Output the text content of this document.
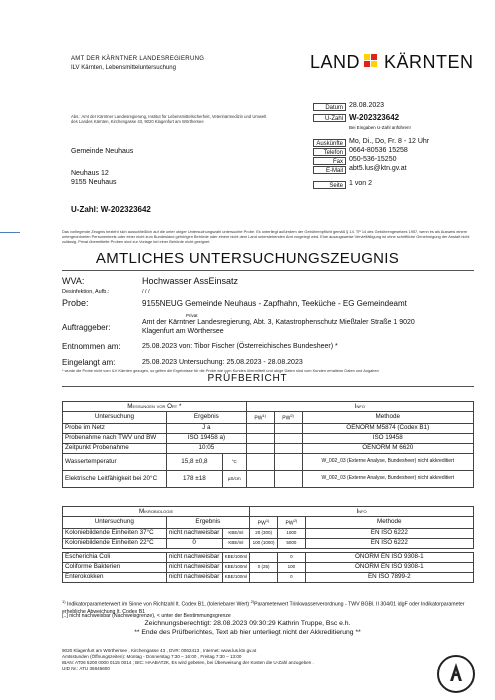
AMT DER KÄRNTNER LANDESREGIERUNG
ILV Kärnten, Lebensmitteluntersuchung	LAND KÄRNTEN
Abs.: Amt der Kärntner Landesregierung, Institut für Lebensmittelsicherheit, Veterinärmedizin und Umwelt des Landes Kärnten, Kirchengasse 43, 9020 Klagenfurt am Wörthersee
Gemeinde Neuhaus
Neuhaus 12
9155 Neuhaus
U-Zahl: W-202323642
Datum 28.08.2023
U-Zahl W-202323642
Bei Eingaben U-Zahl anführen!
Auskünfte Mo, Di., Do, Fr. 8 - 12 Uhr
Telefon 0664-80536 15258
Fax 050-536-15250
E-Mail abt5.lus@ktn.gv.at
Seite 1 von 2
Das vorliegende Zeugnis bezieht sich ausschließlich auf die unter obiger Untersuchungszahl untersuchte Probe. Es unterliegt außerdem der Gebührenpflicht gemäß § 14. TP 14 des Gebührengesetzes 1957, wenn es als Ausweis einem untergeordneten Personenkreis oder einer nicht zum Bundesland gehörigen Behörde oder einem nicht dem Land unterstehenden Amt vorgelegt wird. Eine auszugsweise Vervielfältigung ist ohne schriftliche Genehmigung der Anstalt nicht zulässig. Privat übermittelte Proben sind zur Vorlage bei einer Behörde nicht geeignet.
AMTLICHES UNTERSUCHUNGSZEUGNIS
WVA:	Hochwasser AssEinsatz
Desinfektion, Aufb.:	/ / /
Probe:	9155NEUG Gemeinde Neuhaus - Zapfhahn, Teeküche - EG Gemeindeamt
Privat
Auftraggeber:
Amt der Kärntner Landesregierung, Abt. 3, Katastrophenschutz Mießtaler Straße 1 9020
Klagenfurt am Wörthersee
Entnommen am:	25.08.2023 von: Tibor Fischer (Österreichisches Bundesheer) *
Eingelangt am:	25.08.2023 Untersuchung: 25.08.2023 - 28.08.2023
* wurde die Probe nicht vom ILV Kärnten gezogen, so gelten die Ergebnisse für die Probe wie vom Kunden übermittelt und obige Daten sind vom Kunden erhaltene Daten und Angaben
PRÜFBERICHT
Messungen vor Ort *			Info		
Untersuchung	Ergebnis		PW$^{1)}$	PW$^{2)}$	Methode
Probe im Netz	J a				OENORM M5874 (Codex B1)
Probenahme nach TWV und BW	ISO 19458 a)				ISO 19458
Zeitpunkt Probenahme	10:05				OENORM M 6620
Wassertemperatur	15,8 ±0,8	°C			W_002_03 (Externe Analyse, Bundesheer) nicht akkreditiert
Elektrische Leitfähigkeit bei 20°C	178 ±18	µS/cm			W_002_03 (Externe Analyse, Bundesheer) nicht akkreditiert
Mikrobiologie			Info		
Untersuchung	Ergebnis		PW$^{1)}$	PW$^{2)}$	Methode
Koloniebildende Einheiten 37°C	nicht nachweisbar	KBE/ml	20 (300)	1000	EN ISO 6222
Koloniebildende Einheiten 22°C	0	KBE/ml	100 (1000)	5000	EN ISO 6222

Escherichia Coli	nicht nachweisbar	KBE/100ml		0	ÖNORM EN ISO 9308-1
Coliforme Bakterien	nicht nachweisbar	KBE/100ml	0 (25)	100	ÖNORM EN ISO 9308-1
Enterokokken	nicht nachweisbar	KBE/100ml		0	EN ISO 7899-2
$^{1)}$ Indikatorparameterwert im Sinne von Richtzahl lt. Codex B1, (toleriebarer Wert) $^{2)}$Parameterwert Trinkwasserverordnung - TWV BGBl. II 304/01 idgF oder Indikatorparameter erhebliche Abweichung lt. Codex B1
[..] nicht nachweisbar (Nachweisgrenze), < unter der Bestimmungsgrenze
Zeichnungsberechtigt: 28.08.2023 09:30:29 Kathrin Truppe, Bsc e.h.
** Ende des Prüfberichtes, Text ab hier unterliegt nicht der Akkreditierung **
9020 Klagenfurt am Wörthersee , Kirchengasse 43 , DVR: 0062413 , Internet: www.lus.ktn.gv.at
Amtsstunden (Öffnungszeiten): Montag - Donnerstag 7:30 – 16:00 , Freitag 7:30 – 13:00
IBAN: AT06 5200 0000 0115 0014 ; BIC: HAABAT2K, Es wird gebeten, bei Überweisung der Kosten die U-Zahl anzugeben .
UID Nr.: ATU 36845600
